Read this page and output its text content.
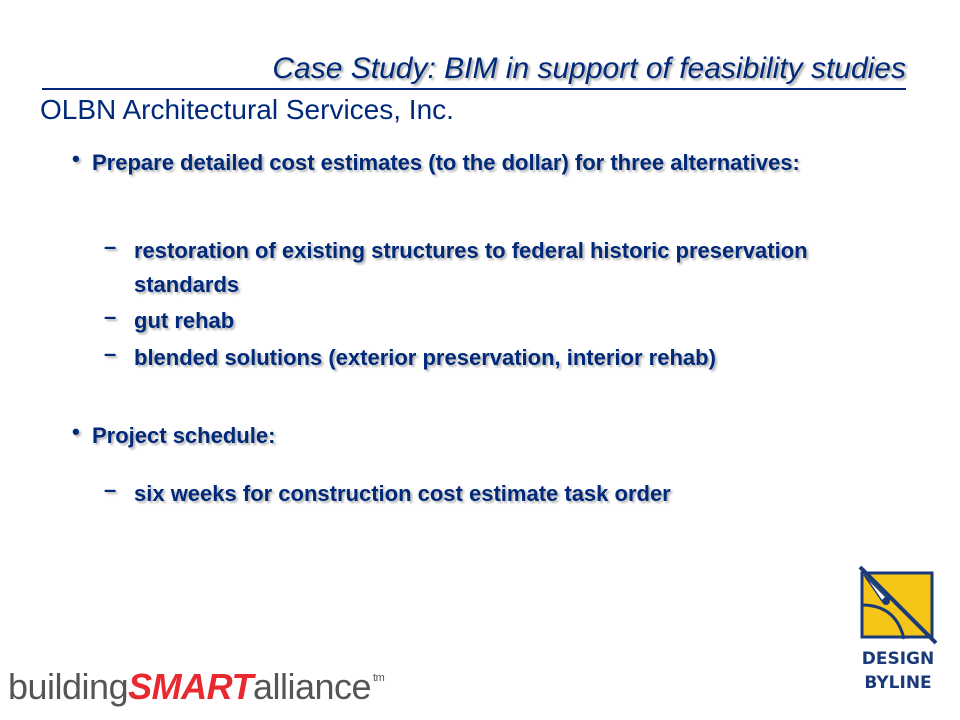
Case Study: BIM in support of feasibility studies
OLBN Architectural Services, Inc.
• Prepare detailed cost estimates (to the dollar) for three alternatives:
– restoration of existing structures to federal historic preservation standards
– gut rehab
– blended solutions (exterior preservation, interior rehab)
• Project schedule:
– six weeks for construction cost estimate task order
building SMART alliance tm
DESIGN
BYLINE
